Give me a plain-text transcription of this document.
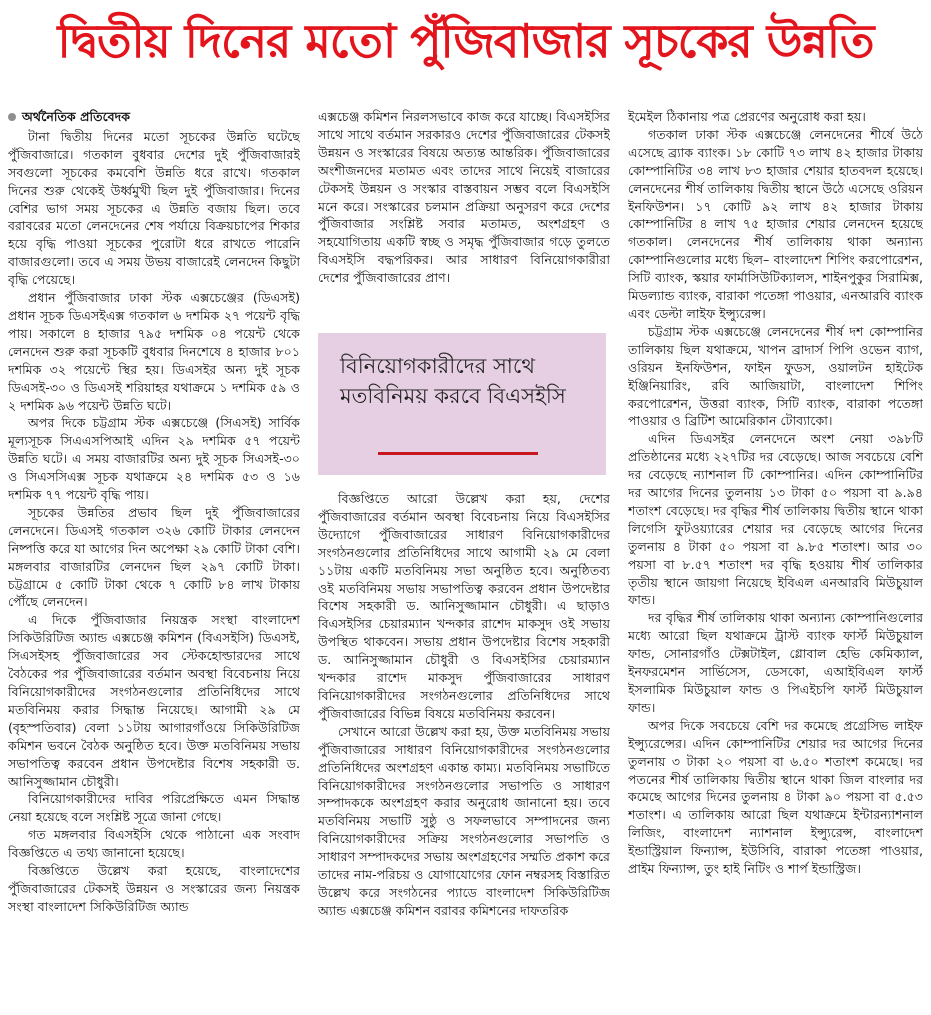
দ্বিতীয় দিনের মতো পুঁজিবাজার সূচকের উন্নতি
অর্থনৈতিক প্রতিবেদক

টানা দ্বিতীয় দিনের মতো সূচকের উন্নতি ঘটেছে পুঁজিবাজারে। গতকাল বুধবার দেশের দুই পুঁজিবাজারই সবগুলো সূচকের কমবেশি উন্নতি ধরে রাখে। গতকাল দিনের শুরু থেকেই উর্ধ্বমুখী ছিল দুই পুঁজিবাজার। দিনের বেশির ভাগ সময় সূচকের এ উন্নতি বজায় ছিল। তবে বরাবরের মতো লেনদেনের শেষ পর্যায়ে বিক্রয়চাপের শিকার হয়ে বৃদ্ধি পাওয়া সূচকের পুরোটা ধরে রাখতে পারেনি বাজারগুলো। তবে এ সময় উভয় বাজারেই লেনদেন কিছুটা বৃদ্ধি পেয়েছে।

প্রধান পুঁজিবাজার ঢাকা স্টক এক্সচেঞ্জের (ডিএসই) প্রধান সূচক ডিএসইএক্স গতকাল ৬ দশমিক ২৭ পয়েন্ট বৃদ্ধি পায়। সকালে ৪ হাজার ৭৯৫ দশমিক ০৪ পয়েন্ট থেকে লেনদেন শুরু করা সূচকটি বুধবার দিনশেষে ৪ হাজার ৮০১ দশমিক ৩২ পয়েন্টে স্থির হয়। ডিএসইর অন্য দুই সূচক ডিএসই-৩০ ও ডিএসই শরিয়াহর যথাক্রমে ১ দশমিক ৫৯ ও ২ দশমিক ৯৬ পয়েন্ট উন্নতি ঘটে।

অপর দিকে চট্টগ্রাম স্টক এক্সচেঞ্জে (সিএসই) সার্বিক মূল্যসূচক সিএএসপিআই এদিন ২৯ দশমিক ৫৭ পয়েন্ট উন্নতি ঘটে। এ সময় বাজারটির অন্য দুই সূচক সিএসই-৩০ ও সিএসসিএক্স সূচক যথাক্রমে ২৪ দশমিক ৫৩ ও ১৬ দশমিক ৭৭ পয়েন্ট বৃদ্ধি পায়।

সূচকের উন্নতির প্রভাব ছিল দুই পুঁজিবাজারের লেনদেনে। ডিএসই গতকাল ৩২৬ কোটি টাকার লেনদেন নিষ্পত্তি করে যা আগের দিন অপেক্ষা ২৯ কোটি টাকা বেশি। মঙ্গলবার বাজারটির লেনদেন ছিল ২৯৭ কোটি টাকা। চট্টগ্রামে ৫ কোটি টাকা থেকে ৭ কোটি ৮৪ লাখ টাকায় পৌঁছে লেনদেন।

এ দিকে পুঁজিবাজার নিয়ন্ত্রক সংস্থা বাংলাদেশ সিকিউরিটিজ অ্যান্ড এক্সচেঞ্জ কমিশন (বিএসইসি) ডিএসই, সিএসইসহ পুঁজিবাজারের সব স্টেকহোল্ডারদের সাথে বৈঠকের পর পুঁজিবাজারের বর্তমান অবস্থা বিবেচনায় নিয়ে বিনিয়োগকারীদের সংগঠনগুলোর প্রতিনিধিদের সাথে মতবিনিময় করার সিদ্ধান্ত নিয়েছে। আগামী ২৯ মে (বৃহস্পতিবার) বেলা ১১টায় আগারগাঁওয়ে সিকিউরিটিজ কমিশন ভবনে বৈঠক অনুষ্ঠিত হবে। উক্ত মতবিনিময় সভায় সভাপতিত্ব করবেন প্রধান উপদেষ্টার বিশেষ সহকারী ড. আনিসুজ্জামান চৌধুরী।

বিনিয়োগকারীদের দাবির পরিপ্রেক্ষিতে এমন সিদ্ধান্ত নেয়া হয়েছে বলে সংশ্লিষ্ট সূত্রে জানা গেছে।

গত মঙ্গলবার বিএসইসি থেকে পাঠানো এক সংবাদ বিজ্ঞপ্তিতে এ তথ্য জানানো হয়েছে।

বিজ্ঞপ্তিতে উল্লেখ করা হয়েছে, বাংলাদেশের পুঁজিবাজারের টেকসই উন্নয়ন ও সংস্কারের জন্য নিয়ন্ত্রক সংস্থা বাংলাদেশ সিকিউরিটিজ অ্যান্ড

এক্সচেঞ্জ কমিশন নিরলসভাবে কাজ করে যাচ্ছে। বিএসইসির সাথে সাথে বর্তমান সরকারও দেশের পুঁজিবাজারের টেকসই উন্নয়ন ও সংস্কারের বিষয়ে অত্যন্ত আন্তরিক। পুঁজিবাজারের অংশীজনদের মতামত এবং তাদের সাথে নিয়েই বাজারের টেকসই উন্নয়ন ও সংস্কার বাস্তবায়ন সম্ভব বলে বিএসইসি মনে করে। সংস্কারের চলমান প্রক্রিয়া অনুসরণ করে দেশের পুঁজিবাজার সংশ্লিষ্ট সবার মতামত, অংশগ্রহণ ও সহযোগিতায় একটি স্বচ্ছ ও সমৃদ্ধ পুঁজিবাজার গড়ে তুলতে বিএসইসি বদ্ধপরিকর। আর সাধারণ বিনিয়োগকারীরা দেশের পুঁজিবাজারের প্রাণ।

বিনিয়োগকারীদের সাথে মতবিনিময় করবে বিএসইসি

বিজ্ঞপ্তিতে আরো উল্লেখ করা হয়, দেশের পুঁজিবাজারের বর্তমান অবস্থা বিবেচনায় নিয়ে বিএসইসির উদ্যোগে পুঁজিবাজারের সাধারণ বিনিয়োগকারীদের সংগঠনগুলোর প্রতিনিধিদের সাথে আগামী ২৯ মে বেলা ১১টায় একটি মতবিনিময় সভা অনুষ্ঠিত হবে। অনুষ্ঠিতব্য ওই মতবিনিময় সভায় সভাপতিত্ব করবেন প্রধান উপদেষ্টার বিশেষ সহকারী ড. আনিসুজ্জামান চৌধুরী। এ ছাড়াও বিএসইসির চেয়ারম্যান খন্দকার রাশেদ মাকসুদ ওই সভায় উপস্থিত থাকবেন। সভায় প্রধান উপদেষ্টার বিশেষ সহকারী ড. আনিসুজ্জামান চৌধুরী ও বিএসইসির চেয়ারম্যান খন্দকার রাশেদ মাকসুদ পুঁজিবাজারের সাধারণ বিনিয়োগকারীদের সংগঠনগুলোর প্রতিনিধিদের সাথে পুঁজিবাজারের বিভিন্ন বিষয়ে মতবিনিময় করবেন।

সেখানে আরো উল্লেখ করা হয়, উক্ত মতবিনিময় সভায় পুঁজিবাজারের সাধারণ বিনিয়োগকারীদের সংগঠনগুলোর প্রতিনিধিদের অংশগ্রহণ একান্ত কাম্য। মতবিনিময় সভাটিতে বিনিয়োগকারীদের সংগঠনগুলোর সভাপতি ও সাধারণ সম্পাদককে অংশগ্রহণ করার অনুরোধ জানানো হয়। তবে মতবিনিময় সভাটি সুষ্ঠু ও সফলভাবে সম্পাদনের জন্য বিনিয়োগকারীদের সক্রিয় সংগঠনগুলোর সভাপতি ও সাধারণ সম্পাদকদের সভায় অংশগ্রহণের সম্মতি প্রকাশ করে তাদের নাম-পরিচয় ও যোগাযোগের ফোন নম্বরসহ বিস্তারিত উল্লেখ করে সংগঠনের প্যাডে বাংলাদেশ সিকিউরিটিজ অ্যান্ড এক্সচেঞ্জ কমিশন বরাবর কমিশনের দাফতরিক

ইমেইল ঠিকানায় পত্র প্রেরণের অনুরোধ করা হয়।

গতকাল ঢাকা স্টক এক্সচেঞ্জে লেনদেনের শীর্ষে উঠে এসেছে ব্র্যাক ব্যাংক। ১৮ কোটি ৭৩ লাখ ৪২ হাজার টাকায় কোম্পানিটির ৩৪ লাখ ৮৩ হাজার শেয়ার হাতবদল হয়েছে। লেনদেনের শীর্ষ তালিকায় দ্বিতীয় স্থানে উঠে এসেছে ওরিয়ন ইনফিউশন। ১৭ কোটি ৯২ লাখ ৪২ হাজার টাকায় কোম্পানিটির ৪ লাখ ৭৫ হাজার শেয়ার লেনদেন হয়েছে গতকাল। লেনদেনের শীর্ষ তালিকায় থাকা অন্যান্য কোম্পানিগুলোর মধ্যে ছিল– বাংলাদেশ শিপিং করপোরেশন, সিটি ব্যাংক, স্কয়ার ফার্মাসিউটিক্যালস, শাইনপুকুর সিরামিক্স, মিডল্যান্ড ব্যাংক, বারাকা পতেঙ্গা পাওয়ার, এনআরবি ব্যাংক এবং ডেল্টা লাইফ ইন্স্যুরেন্স।

চট্টগ্রাম স্টক এক্সচেঞ্জে লেনদেনের শীর্ষ দশ কোম্পানির তালিকায় ছিল যথাক্রমে, খাপন ব্রাদার্স পিপি ওভেন ব্যাগ, ওরিয়ন ইনফিউশন, ফাইন ফুডস, ওয়ালটন হাইটেক ইঞ্জিনিয়ারিং, রবি আজিয়াটা, বাংলাদেশ শিপিং করপোরেশন, উত্তরা ব্যাংক, সিটি ব্যাংক, বারাকা পতেঙ্গা পাওয়ার ও ব্রিটিশ আমেরিকান টোব্যাকো।

এদিন ডিএসইর লেনদেনে অংশ নেয়া ৩৯৮টি প্রতিষ্ঠানের মধ্যে ২২৭টির দর বেড়েছে। আজ সবচেয়ে বেশি দর বেড়েছে ন্যাশনাল টি কোম্পানির। এদিন কোম্পানিটির দর আগের দিনের তুলনায় ১৩ টাকা ৫০ পয়সা বা ৯.৯৪ শতাংশ বেড়েছে। দর বৃদ্ধির শীর্ষ তালিকায় দ্বিতীয় স্থানে থাকা লিগেসি ফুটওয়্যারের শেয়ার দর বেড়েছে আগের দিনের তুলনায় ৪ টাকা ৫০ পয়সা বা ৯.৮৫ শতাংশ। আর ৩০ পয়সা বা ৮.৫৭ শতাংশ দর বৃদ্ধি হওয়ায় শীর্ষ তালিকার তৃতীয় স্থানে জায়গা নিয়েছে ইবিএল এনআরবি মিউচুয়াল ফান্ড।

দর বৃদ্ধির শীর্ষ তালিকায় থাকা অন্যান্য কোম্পানিগুলোর মধ্যে আরো ছিল যথাক্রমে ট্রাস্ট ব্যাংক ফার্স্ট মিউচুয়াল ফান্ড, সোনারগাঁও টেক্সটাইল, গ্লোবাল হেভি কেমিক্যাল, ইনফরমেশন সার্ভিসেস, ডেসকো, এআইবিএল ফার্স্ট ইসলামিক মিউচুয়াল ফান্ড ও পিএইচপি ফার্স্ট মিউচুয়াল ফান্ড।

অপর দিকে সবচেয়ে বেশি দর কমেছে প্রগ্রেসিভ লাইফ ইন্স্যুরেন্সের। এদিন কোম্পানিটির শেয়ার দর আগের দিনের তুলনায় ৩ টাকা ২০ পয়সা বা ৬.৫০ শতাংশ কমেছে। দর পতনের শীর্ষ তালিকায় দ্বিতীয় স্থানে থাকা জিল বাংলার দর কমেছে আগের দিনের তুলনায় ৪ টাকা ৯০ পয়সা বা ৫.৫৩ শতাংশ। এ তালিকায় আরো ছিল যথাক্রমে ইন্টারন্যাশনাল লিজিং, বাংলাদেশ ন্যাশনাল ইন্স্যুরেন্স, বাংলাদেশ ইন্ডাস্ট্রিয়াল ফিন্যান্স, ইউসিবি, বারাকা পতেঙ্গা পাওয়ার, প্রাইম ফিন্যান্স, তুং হাই নিটিং ও শার্প ইন্ডাস্ট্রিজ।
